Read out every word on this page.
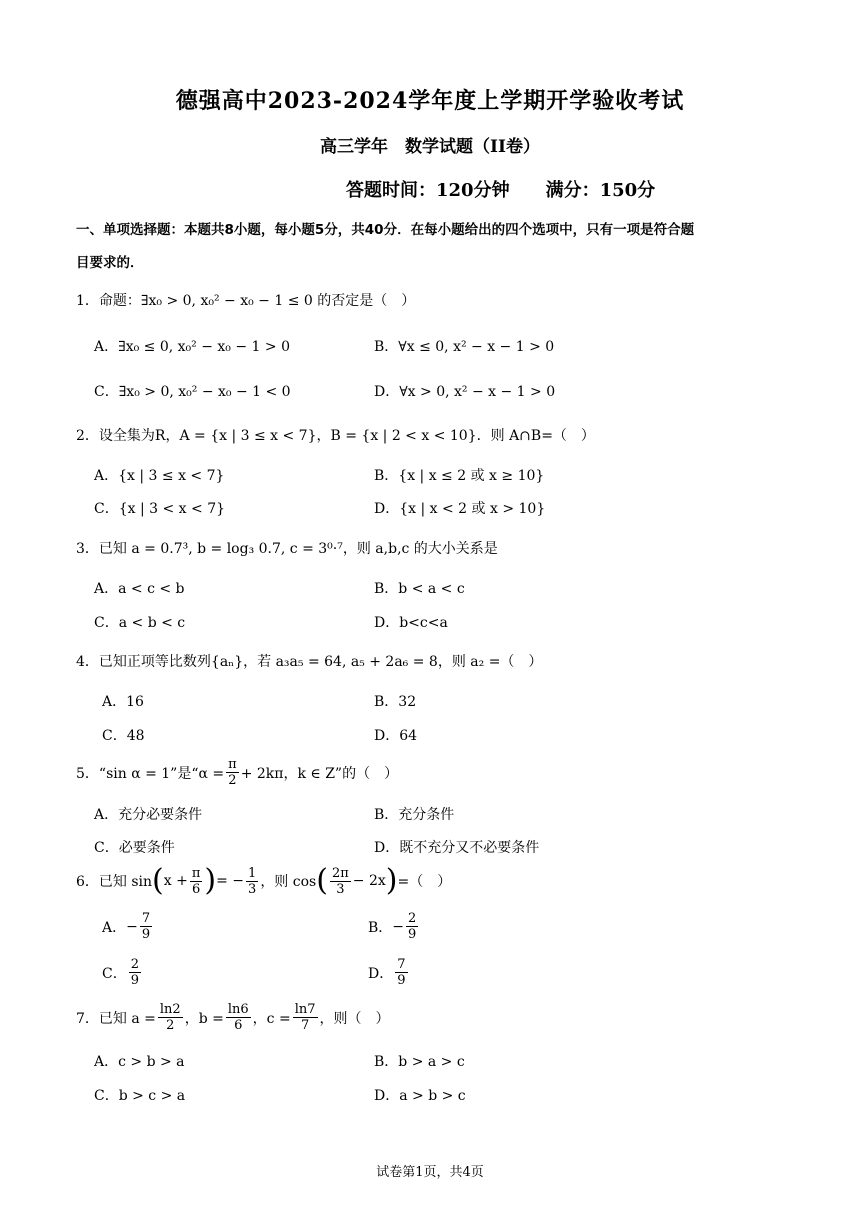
德强高中2023-2024学年度上学期开学验收考试
高三学年　数学试题（II卷）
答题时间：120分钟　　满分：150分
一、单项选择题：本题共8小题，每小题5分，共40分．在每小题给出的四个选项中，只有一项是符合题
目要求的．
1．命题：∃x₀ > 0, x₀² − x₀ − 1 ≤ 0 的否定是（　）
A．∃x₀ ≤ 0, x₀² − x₀ − 1 > 0	B．∀x ≤ 0, x² − x − 1 > 0
C．∃x₀ > 0, x₀² − x₀ − 1 < 0	D．∀x > 0, x² − x − 1 > 0
2．设全集为R，A = {x | 3 ≤ x < 7}，B = {x | 2 < x < 10}．则 A∩B=（　）
A．{x | 3 ≤ x < 7}	B．{x | x ≤ 2 或 x ≥ 10}
C．{x | 3 < x < 7}	D．{x | x < 2 或 x > 10}
3．已知 a = 0.7³, b = log₃ 0.7, c = 3⁰·⁷，则 a,b,c 的大小关系是
A．a < c < b	B．b < a < c
C．a < b < c	D．b<c<a
4．已知正项等比数列{aₙ}，若 a₃a₅ = 64, a₅ + 2a₆ = 8，则 a₂ =（　）
A．16	B．32
C．48	D．64
5．“sin α = 1”是“$\alpha = \frac{\pi}{2} + 2k\pi$，k ∈ Z”的（　）
A．充分必要条件	B．充分条件
C．必要条件	D．既不充分又不必要条件
6．已知 sin ( $x + \frac{\pi}{6}$ ) = − $\frac{1}{3}$ ，则 cos ( $\frac{2\pi}{3} - 2x$ ) =（　）
A． − $\frac{7}{9}$	B． − $\frac{2}{9}$
C． $\frac{2}{9}$	D． $\frac{7}{9}$
7．已知 $a = \frac{\ln 2}{2}$ ，$b = \frac{\ln 6}{6}$ ，$c = \frac{\ln 7}{7}$ ，则（　）
A．c > b > a	B．b > a > c
C．b > c > a	D．a > b > c
试卷第1页，共4页
